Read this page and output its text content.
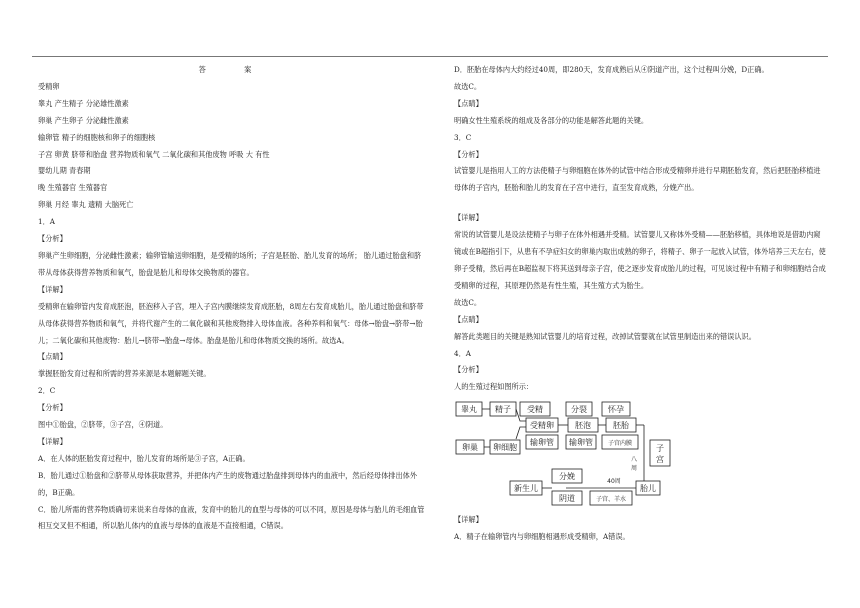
答 案
受精卵
睾丸 产生精子 分泌雄性激素
卵巢 产生卵子 分泌雌性激素
输卵管 精子的细胞核和卵子的细胞核
子宫 卵黄 脐带和胎盘 营养物质和氧气 二氧化碳和其他废物 呼吸 大 有性
婴幼儿期 青春期
晚 生殖器官 生殖器官
卵巢 月经 睾丸 遗精 大脑死亡
1．A
【分析】
卵巢产生卵细胞，分泌雌性激素；输卵管输送卵细胞，是受精的场所；子宫是胚胎、胎儿发育的场所； 胎儿通过胎盘和脐带从母体获得营养物质和氧气，胎盘是胎儿和母体交换物质的器官。
【详解】
受精卵在输卵管内发育成胚泡，胚泡移入子宫，埋入子宫内膜继续发育成胚胎，8周左右发育成胎儿，胎儿通过胎盘和脐带从母体获得营养物质和氧气，并将代谢产生的二氧化碳和其他废物排入母体血液。各种养料和氧气：母体→胎盘→脐带→胎儿；二氧化碳和其他废物：胎儿→脐带→胎盘→母体。胎盘是胎儿和母体物质交换的场所。故选A。
【点睛】
掌握胚胎发育过程和所需的营养来源是本题解题关键。
2．C
【分析】
图中①胎盘，②脐带，③子宫，④阴道。
【详解】
A．在人体的胚胎发育过程中，胎儿发育的场所是③子宫，A正确。
B．胎儿通过①胎盘和②脐带从母体获取营养，并把体内产生的废物通过胎盘排到母体内的血液中，然后经母体排出体外的，B正确。
C．胎儿所需的营养物质确切来说来自母体的血液，发育中的胎儿的血型与母体的可以不同，原因是母体与胎儿的毛细血管相互交叉但不相通，所以胎儿体内的血液与母体的血液是不直接相通，C错误。
D．胚胎在母体内大约经过40周，即280天，发育成熟后从④阴道产出，这个过程叫分娩，D正确。
故选C。
【点睛】
明确女性生殖系统的组成及各部分的功能是解答此题的关键。
3．C
【分析】
试管婴儿是指用人工的方法使精子与卵细胞在体外的试管中结合形成受精卵并进行早期胚胎发育，然后把胚胎移植进母体的子宫内，胚胎和胎儿的发育在子宫中进行，直至发育成熟，分娩产出。
【详解】
常说的试管婴儿是设法使精子与卵子在体外相遇并受精。试管婴儿又称体外受精——胚胎移植，具体地说是借助内窥镜或在B超指引下，从患有不孕症妇女的卵巢内取出成熟的卵子，将精子、卵子一起放入试管，体外培养三天左右，使卵子受精，然后再在B超监视下将其送到母亲子宫，使之逐步发育成胎儿的过程，可见该过程中有精子和卵细胞结合成受精卵的过程，其原理仍然是有性生殖，其生殖方式为胎生。
故选C。
【点睛】
解答此类题目的关键是熟知试管婴儿的培育过程，改掉试管婴就在试管里制造出来的错误认识。
4．A
【分析】
人的生殖过程如图所示：
睾丸 精子 受精	分裂	怀孕
受精卵	胚泡	胚胎
卵巢 卵细胞
输卵管 输卵管 子宫内膜
八
周
子
宫
胎儿
40周
分娩
新生儿
阴道	子宫、羊水
【详解】
A．精子在输卵管内与卵细胞相遇形成受精卵，A错误。
